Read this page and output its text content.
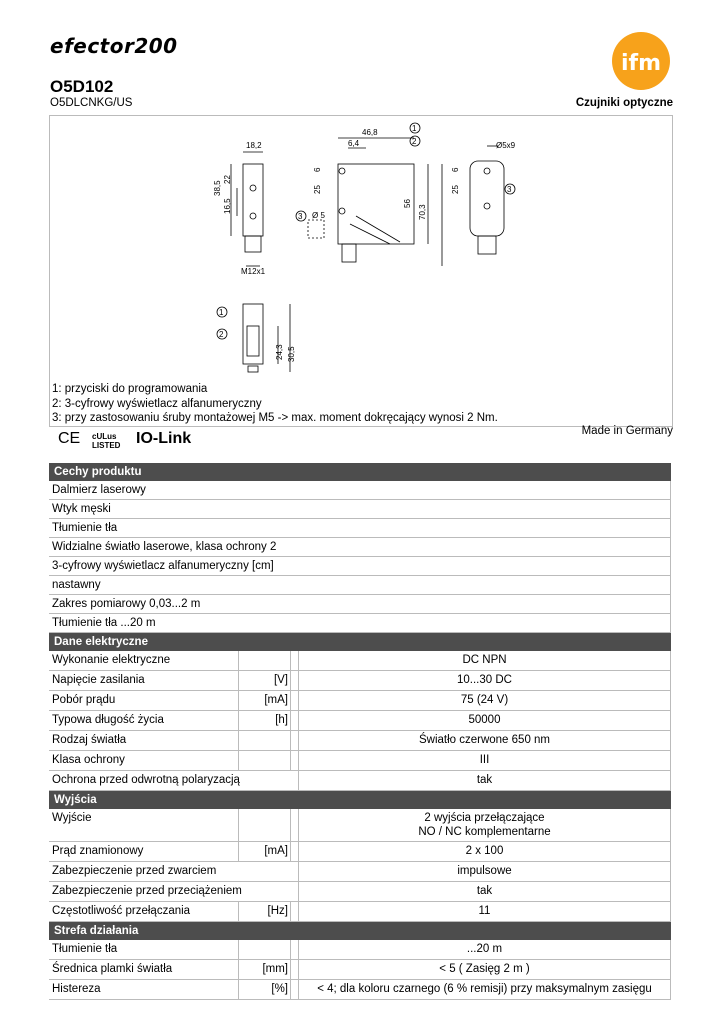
efector200
ifm
O5D102
O5DLCNKG/US	Czujniki optyczne
18,2
38,5
22
16,5
M12x1
46,8
6,4
6
25
56
70,3
Ø 5
Ø5x9
6
25
24,3 30,5
1
2
3
3
1
2
1: przyciski do programowania
2: 3-cyfrowy wyświetlacz alfanumeryczny
3: przy zastosowaniu śruby montażowej M5 -> max. moment dokręcający wynosi 2 Nm.
Made in Germany
CE cULus LISTED IO-Link
Cechy produktu
Dalmierz laserowy
Wtyk męski
Tłumienie tła
Widzialne światło laserowe, klasa ochrony 2
3-cyfrowy wyświetlacz alfanumeryczny [cm]
nastawny
Zakres pomiarowy 0,03...2 m
Tłumienie tła ...20 m
Dane elektryczne
Wykonanie elektryczne	DC NPN
Napięcie zasilania	[V]	10...30 DC
Pobór prądu	[mA]	75 (24 V)
Typowa długość życia	[h]	50000
Rodzaj światła	Światło czerwone 650 nm
Klasa ochrony	III
Ochrona przed odwrotną polaryzacją	tak
Wyjścia
Wyjście	2 wyjścia przełączające
NO / NC komplementarne
Prąd znamionowy	[mA]	2 x 100
Zabezpieczenie przed zwarciem	impulsowe
Zabezpieczenie przed przeciążeniem	tak
Częstotliwość przełączania	[Hz]	11
Strefa działania
Tłumienie tła	...20 m
Średnica plamki światła	[mm]	< 5 ( Zasięg 2 m )
Histereza	[%]	< 4; dla koloru czarnego (6 % remisji) przy maksymalnym zasięgu
